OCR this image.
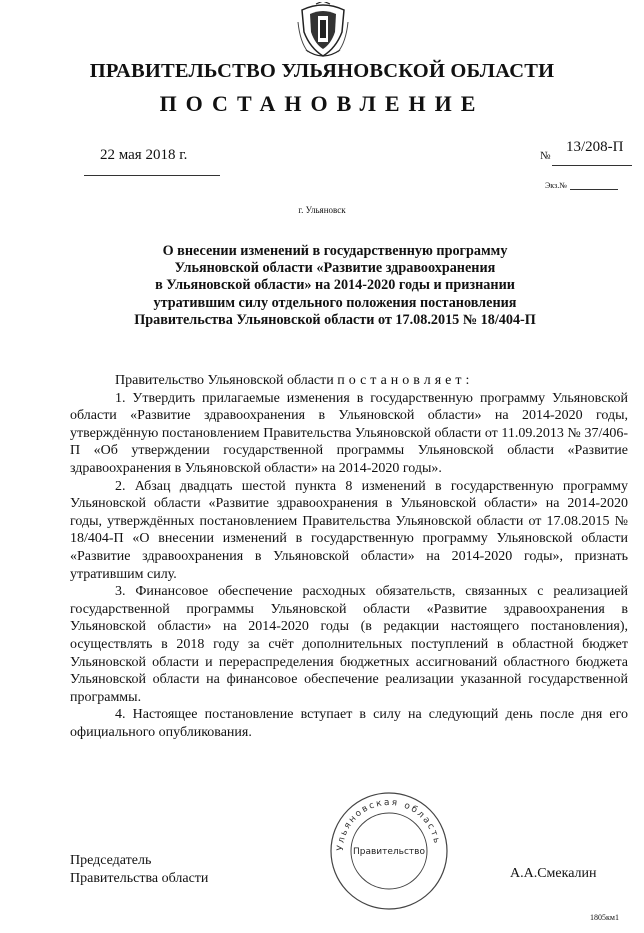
ПРАВИТЕЛЬСТВО УЛЬЯНОВСКОЙ ОБЛАСТИ
ПОСТАНОВЛЕНИЕ
22 мая 2018 г.	№
13/208-П
Экз.№
г. Ульяновск
О внесении изменений в государственную программу
Ульяновской области «Развитие здравоохранения
в Ульяновской области» на 2014-2020 годы и признании
утратившим силу отдельного положения постановления
Правительства Ульяновской области от 17.08.2015 № 18/404-П

Правительство Ульяновской области постановляет:

1. Утвердить прилагаемые изменения в государственную программу Ульяновской области «Развитие здравоохранения в Ульяновской области» на 2014-2020 годы, утверждённую постановлением Правительства Ульяновской области от 11.09.2013 № 37/406-П «Об утверждении государственной программы Ульяновской области «Развитие здравоохранения в Ульяновской области» на 2014-2020 годы».

2. Абзац двадцать шестой пункта 8 изменений в государственную программу Ульяновской области «Развитие здравоохранения в Ульяновской области» на 2014-2020 годы, утверждённых постановлением Правительства Ульяновской области от 17.08.2015 № 18/404-П «О внесении изменений в государственную программу Ульяновской области «Развитие здравоохранения в Ульяновской области» на 2014-2020 годы», признать утратившим силу.

3. Финансовое обеспечение расходных обязательств, связанных с реализацией государственной программы Ульяновской области «Развитие здравоохранения в Ульяновской области» на 2014-2020 годы (в редакции настоящего постановления), осуществлять в 2018 году за счёт дополнительных поступлений в областной бюджет Ульяновской области и перераспределения бюджетных ассигнований областного бюджета Ульяновской области на финансовое обеспечение реализации указанной государственной программы.

4. Настоящее постановление вступает в силу на следующий день после дня его официального опубликования.

Ульяновская область
Правительство
Председатель
Правительства области	А.А.Смекалин
1805км1
